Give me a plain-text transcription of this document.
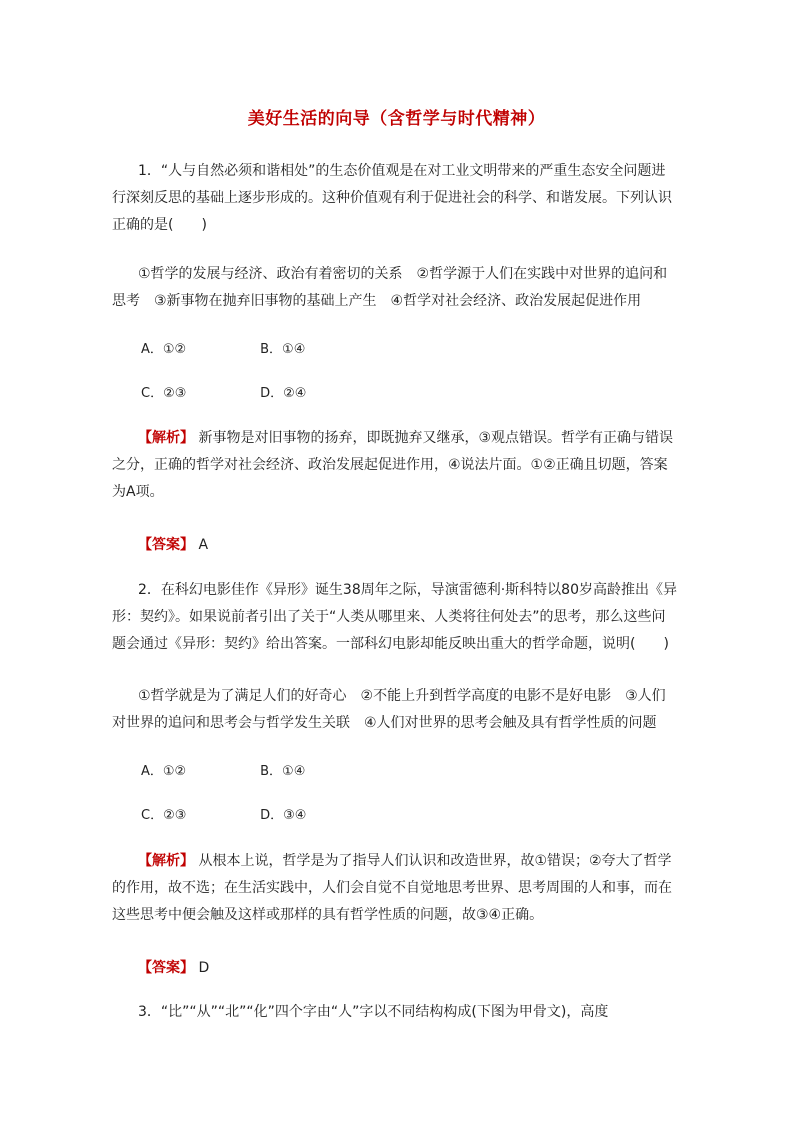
美好生活的向导（含哲学与时代精神）
1．“人与自然必须和谐相处”的生态价值观是在对工业文明带来的严重生态安全问题进
行深刻反思的基础上逐步形成的。这种价值观有利于促进社会的科学、和谐发展。下列认识
正确的是(　　)
①哲学的发展与经济、政治有着密切的关系　②哲学源于人们在实践中对世界的追问和
思考　③新事物在抛弃旧事物的基础上产生　④哲学对社会经济、政治发展起促进作用
A．①②	B．①④
C．②③	D．②④
【解析】 新事物是对旧事物的扬弃，即既抛弃又继承，③观点错误。哲学有正确与错误
之分，正确的哲学对社会经济、政治发展起促进作用，④说法片面。①②正确且切题，答案
为A项。
【答案】 A
2．在科幻电影佳作《异形》诞生38周年之际，导演雷德利·斯科特以80岁高龄推出《异
形：契约》。如果说前者引出了关于“人类从哪里来、人类将往何处去”的思考，那么这些问
题会通过《异形：契约》给出答案。一部科幻电影却能反映出重大的哲学命题，说明(　　)
①哲学就是为了满足人们的好奇心　②不能上升到哲学高度的电影不是好电影　③人们
对世界的追问和思考会与哲学发生关联　④人们对世界的思考会触及具有哲学性质的问题
A．①②	B．①④
C．②③	D．③④
【解析】 从根本上说，哲学是为了指导人们认识和改造世界，故①错误；②夸大了哲学
的作用，故不选；在生活实践中，人们会自觉不自觉地思考世界、思考周围的人和事，而在
这些思考中便会触及这样或那样的具有哲学性质的问题，故③④正确。
【答案】 D
3．“比”“从”“北”“化”四个字由“人”字以不同结构构成(下图为甲骨文)，高度
